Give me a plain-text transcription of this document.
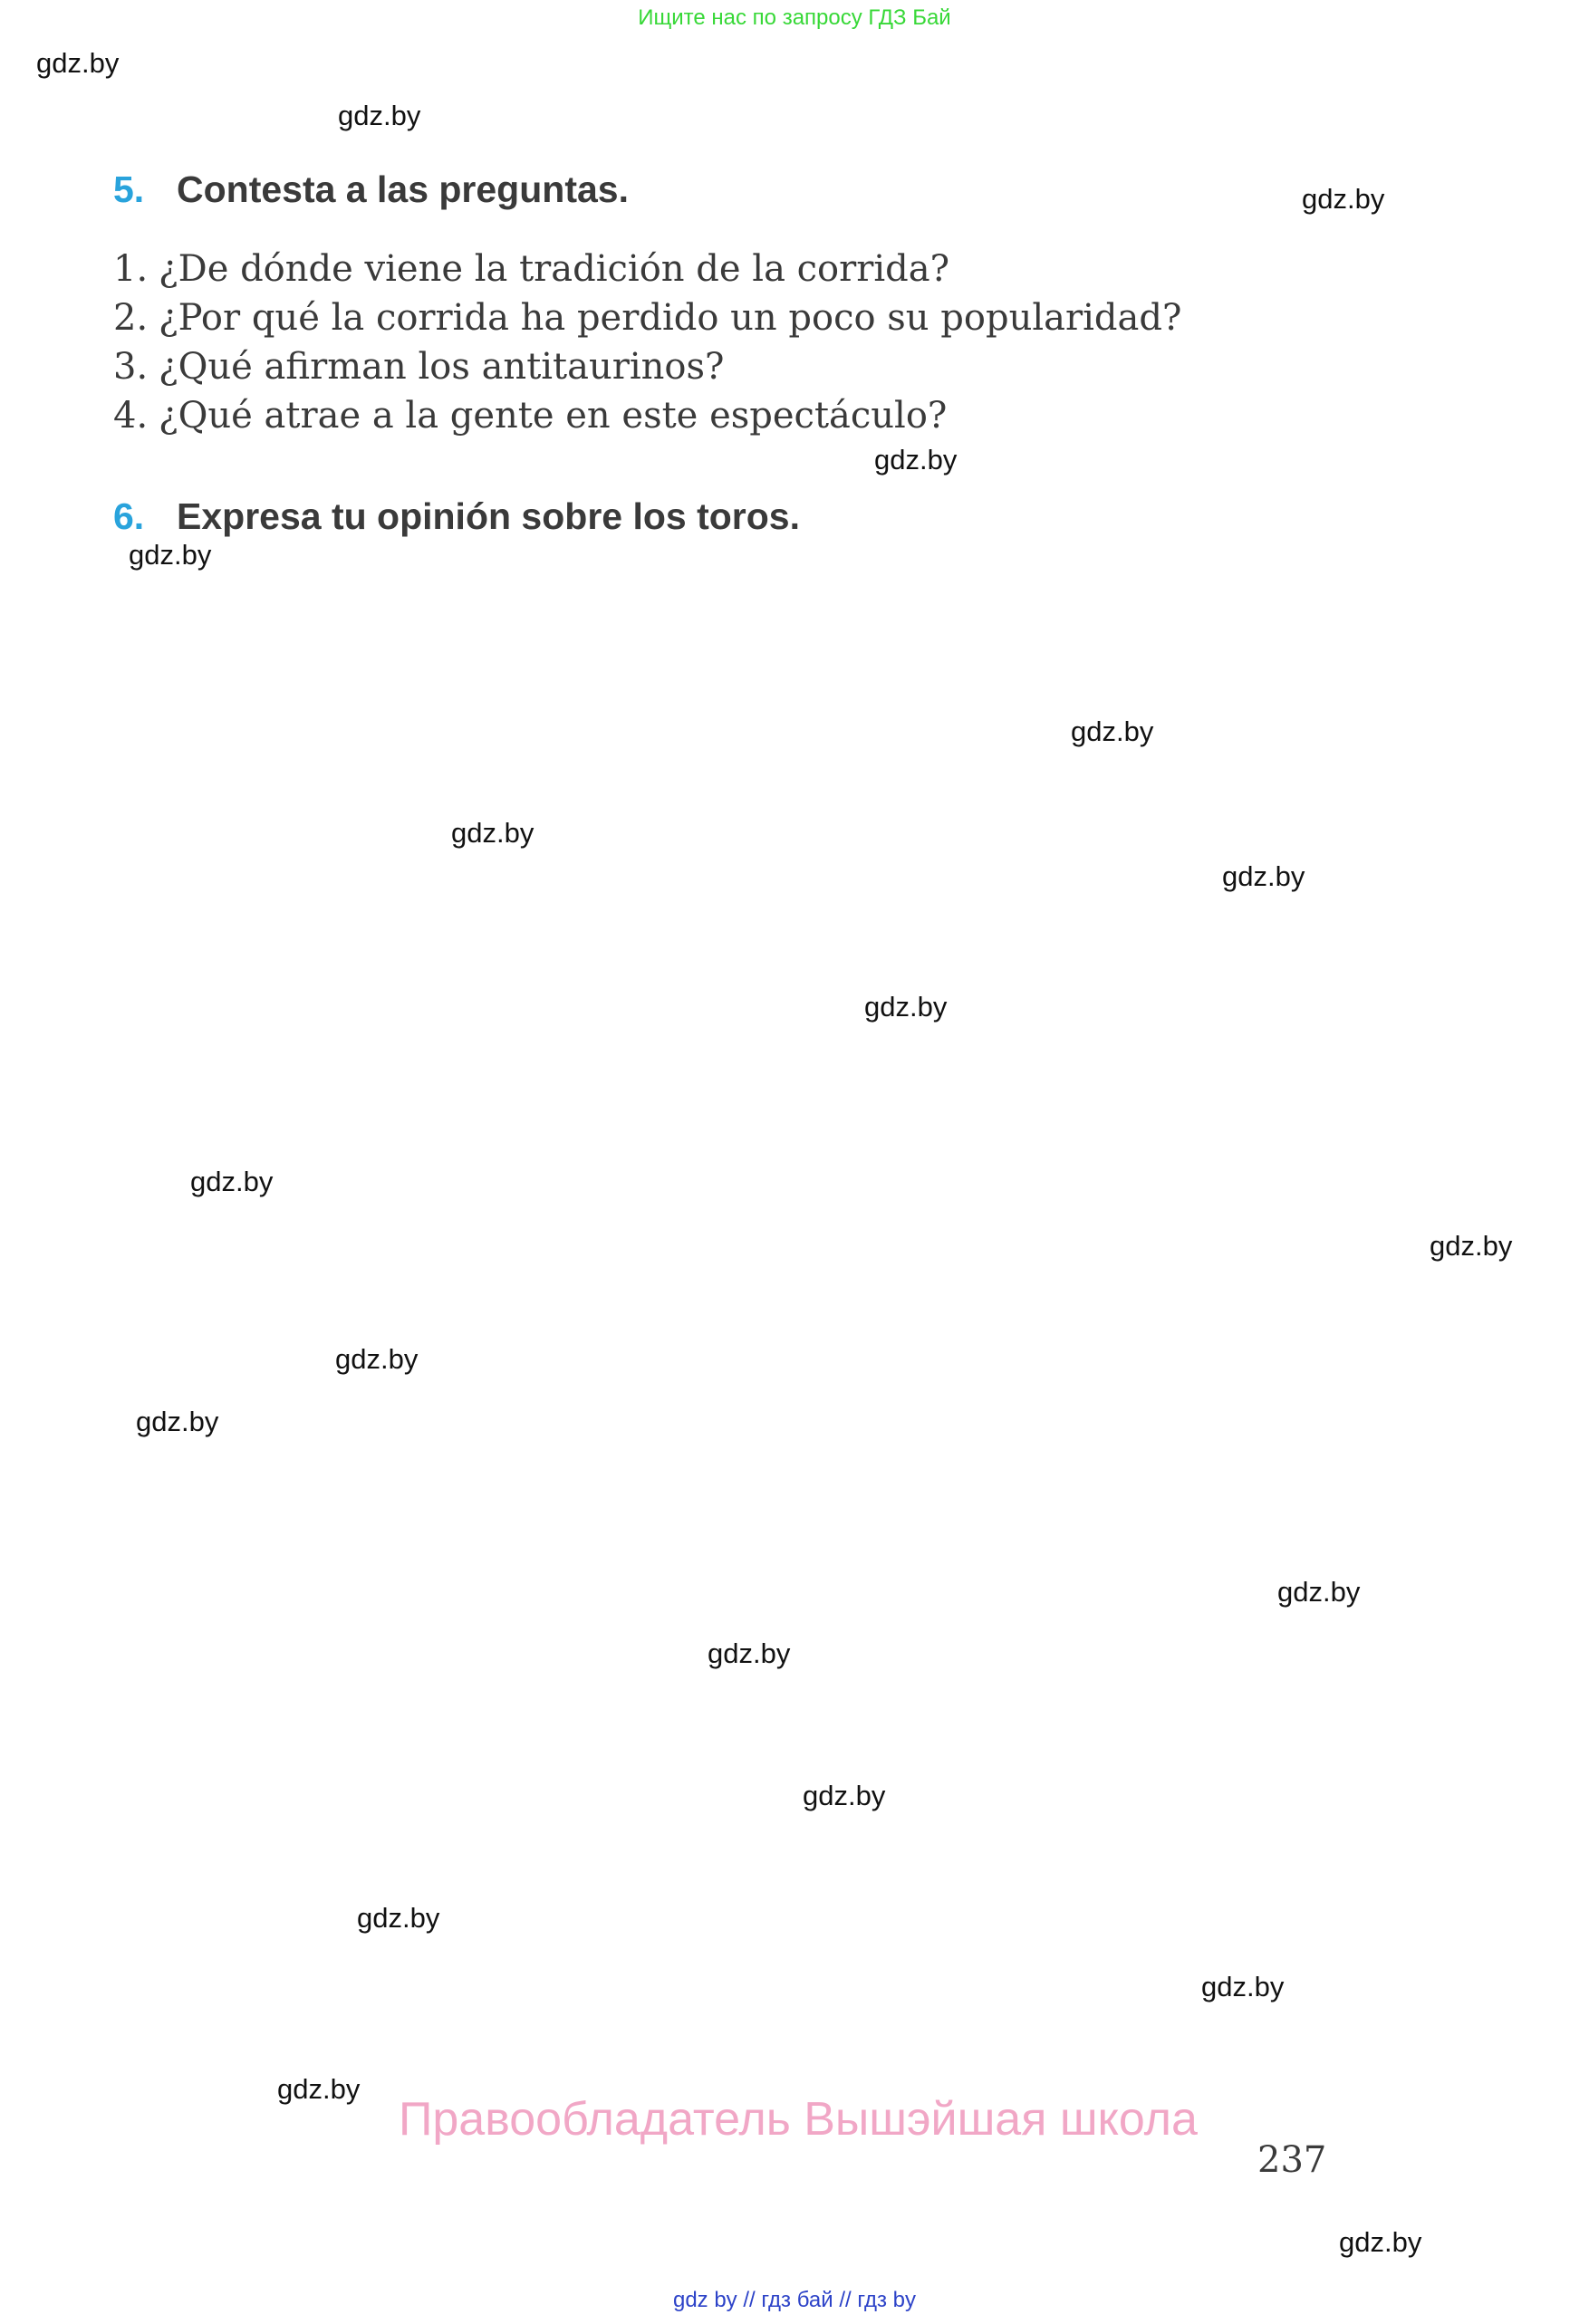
Ищите нас по запросу ГДЗ Бай
gdz.by
gdz.by
gdz.by
gdz.by
gdz.by
gdz.by
gdz.by
gdz.by
gdz.by
gdz.by
gdz.by
gdz.by
gdz.by
gdz.by
gdz.by
gdz.by
gdz.by
gdz.by
gdz.by
gdz.by
5. Contesta a las preguntas.
1. ¿De dónde viene la tradición de la corrida?
2. ¿Por qué la corrida ha perdido un poco su popularidad?
3. ¿Qué afirman los antitaurinos?
4. ¿Qué atrae a la gente en este espectáculo?
6. Expresa tu opinión sobre los toros.
Правообладатель Вышэйшая школа
237
gdz by // гдз бай // гдз by
